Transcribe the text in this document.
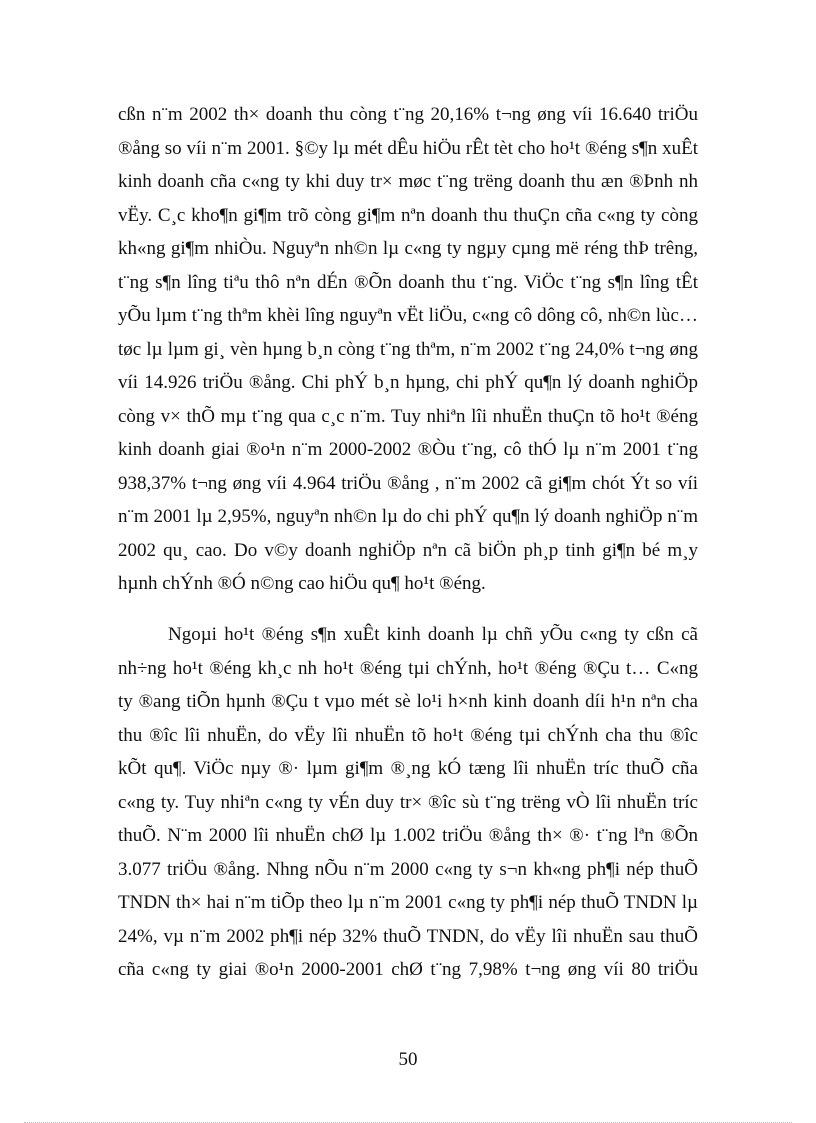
cßn n¨m 2002 th× doanh thu còng t¨ng 20,16% t¬ng øng víi 16.640 triÖu
®ång so víi n¨m 2001. §©y lµ mét dÊu hiÖu rÊt tèt cho ho¹t ®éng s¶n xuÊt
kinh doanh cña c«ng ty khi duy tr× møc t¨ng trëng doanh thu æn ®Þnh nh
vËy. C¸c kho¶n gi¶m trõ còng gi¶m nªn doanh thu thuÇn cña c«ng ty còng
kh«ng gi¶m nhiÒu. Nguyªn nh©n lµ c«ng ty ngµy cµng më réng thÞ trêng,
t¨ng s¶n lîng tiªu thô nªn dÉn ®Õn doanh thu t¨ng. ViÖc t¨ng s¶n lîng tÊt
yÕu lµm t¨ng thªm khèi lîng nguyªn vËt liÖu, c«ng cô dông cô, nh©n lùc…
tøc lµ lµm gi¸ vèn hµng b¸n còng t¨ng thªm, n¨m 2002 t¨ng 24,0% t¬ng øng
víi 14.926 triÖu ®ång. Chi phÝ b¸n hµng, chi phÝ qu¶n lý doanh nghiÖp
còng v× thÕ mµ t¨ng qua c¸c n¨m. Tuy nhiªn lîi nhuËn thuÇn tõ ho¹t ®éng
kinh doanh giai ®o¹n n¨m 2000-2002 ®Òu t¨ng, cô thÓ lµ n¨m 2001 t¨ng
938,37% t¬ng øng víi 4.964 triÖu ®ång , n¨m 2002 cã gi¶m chót Ýt so víi
n¨m 2001 lµ 2,95%, nguyªn nh©n lµ do chi phÝ qu¶n lý doanh nghiÖp n¨m
2002 qu¸ cao. Do v©y doanh nghiÖp nªn cã biÖn ph¸p tinh gi¶n bé m¸y
hµnh chÝnh ®Ó n©ng cao hiÖu qu¶ ho¹t ®éng.
Ngoµi ho¹t ®éng s¶n xuÊt kinh doanh lµ chñ yÕu c«ng ty cßn cã
nh÷ng ho¹t ®éng kh¸c nh ho¹t ®éng tµi chÝnh, ho¹t ®éng ®Çu t… C«ng
ty ®ang tiÕn hµnh ®Çu t vµo mét sè lo¹i h×nh kinh doanh díi h¹n nªn cha
thu ®îc lîi nhuËn, do vËy lîi nhuËn tõ ho¹t ®éng tµi chÝnh cha thu ®îc
kÕt qu¶. ViÖc nµy ®· lµm gi¶m ®¸ng kÓ tæng lîi nhuËn tríc thuÕ cña
c«ng ty. Tuy nhiªn c«ng ty vÉn duy tr× ®îc sù t¨ng trëng vÒ lîi nhuËn tríc
thuÕ. N¨m 2000 lîi nhuËn chØ lµ 1.002 triÖu ®ång th× ®· t¨ng lªn ®Õn
3.077 triÖu ®ång. Nhng nÕu n¨m 2000 c«ng ty s¬n kh«ng ph¶i nép thuÕ
TNDN th× hai n¨m tiÕp theo lµ n¨m 2001 c«ng ty ph¶i nép thuÕ TNDN lµ
24%, vµ n¨m 2002 ph¶i nép 32% thuÕ TNDN, do vËy lîi nhuËn sau thuÕ
cña c«ng ty giai ®o¹n 2000-2001 chØ t¨ng 7,98% t¬ng øng víi 80 triÖu
50
